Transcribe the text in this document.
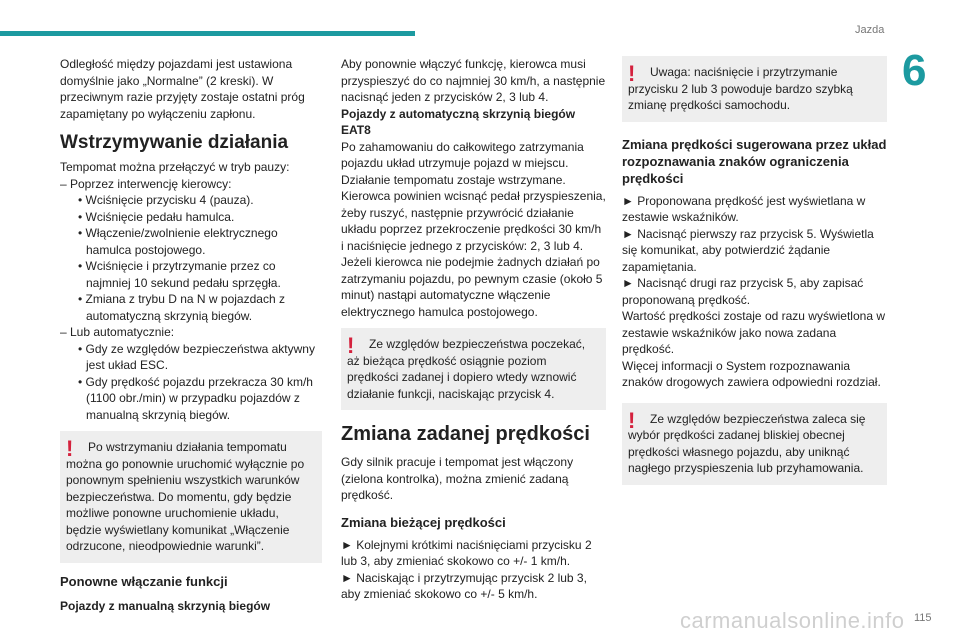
Jazda
6

Odległość między pojazdami jest ustawiona domyślnie jako „Normalne” (2 kreski). W przeciwnym razie przyjęty zostaje ostatni próg zapamiętany po wyłączeniu zapłonu.

Wstrzymywanie działania

Tempomat można przełączyć w tryb pauzy:

– Poprzez interwencję kierowcy:

• Wciśnięcie przycisku 4 (pauza).

• Wciśnięcie pedału hamulca.

• Włączenie/zwolnienie elektrycznego hamulca postojowego.

• Wciśnięcie i przytrzymanie przez co najmniej 10 sekund pedału sprzęgła.

• Zmiana z trybu D na N w pojazdach z automatyczną skrzynią biegów.

– Lub automatycznie:

• Gdy ze względów bezpieczeństwa aktywny jest układ ESC.

• Gdy prędkość pojazdu przekracza 30 km/h (1100 obr./min) w przypadku pojazdów z manualną skrzynią biegów.

!	Po wstrzymaniu działania tempomatu można go ponownie uruchomić wyłącznie po ponownym spełnieniu wszystkich warunków bezpieczeństwa. Do momentu, gdy będzie możliwe ponowne uruchomienie układu, będzie wyświetlany komunikat „Włączenie odrzucone, nieodpowiednie warunki”.

Ponowne włączanie funkcji
Pojazdy z manualną skrzynią biegów

Aby ponownie włączyć funkcję, kierowca musi przyspieszyć do co najmniej 30 km/h, a następnie nacisnąć jeden z przycisków 2, 3 lub 4.

Pojazdy z automatyczną skrzynią biegów EAT8

Po zahamowaniu do całkowitego zatrzymania pojazdu układ utrzymuje pojazd w miejscu. Działanie tempomatu zostaje wstrzymane. Kierowca powinien wcisnąć pedał przyspieszenia, żeby ruszyć, następnie przywrócić działanie układu poprzez przekroczenie prędkości 30 km/h i naciśnięcie jednego z przycisków: 2, 3 lub 4. Jeżeli kierowca nie podejmie żadnych działań po zatrzymaniu pojazdu, po pewnym czasie (około 5 minut) nastąpi automatyczne włączenie elektrycznego hamulca postojowego.

!	Ze względów bezpieczeństwa poczekać, aż bieżąca prędkość osiągnie poziom prędkości zadanej i dopiero wtedy wznowić działanie funkcji, naciskając przycisk 4.

Zmiana zadanej prędkości

Gdy silnik pracuje i tempomat jest włączony (zielona kontrolka), można zmienić zadaną prędkość.

Zmiana bieżącej prędkości

► Kolejnymi krótkimi naciśnięciami przycisku 2 lub 3, aby zmieniać skokowo co +/- 1 km/h.

► Naciskając i przytrzymując przycisk 2 lub 3, aby zmieniać skokowo co +/- 5 km/h.

!	Uwaga: naciśnięcie i przytrzymanie przycisku 2 lub 3 powoduje bardzo szybką zmianę prędkości samochodu.

Zmiana prędkości sugerowana przez układ rozpoznawania znaków ograniczenia prędkości

► Proponowana prędkość jest wyświetlana w zestawie wskaźników.

► Nacisnąć pierwszy raz przycisk 5. Wyświetla się komunikat, aby potwierdzić żądanie zapamiętania.

► Nacisnąć drugi raz przycisk 5, aby zapisać proponowaną prędkość.

Wartość prędkości zostaje od razu wyświetlona w zestawie wskaźników jako nowa zadana prędkość.

Więcej informacji o System rozpoznawania znaków drogowych zawiera odpowiedni rozdział.

!	Ze względów bezpieczeństwa zaleca się wybór prędkości zadanej bliskiej obecnej prędkości własnego pojazdu, aby uniknąć nagłego przyspieszenia lub przyhamowania.

carmanualsonline.info 115
